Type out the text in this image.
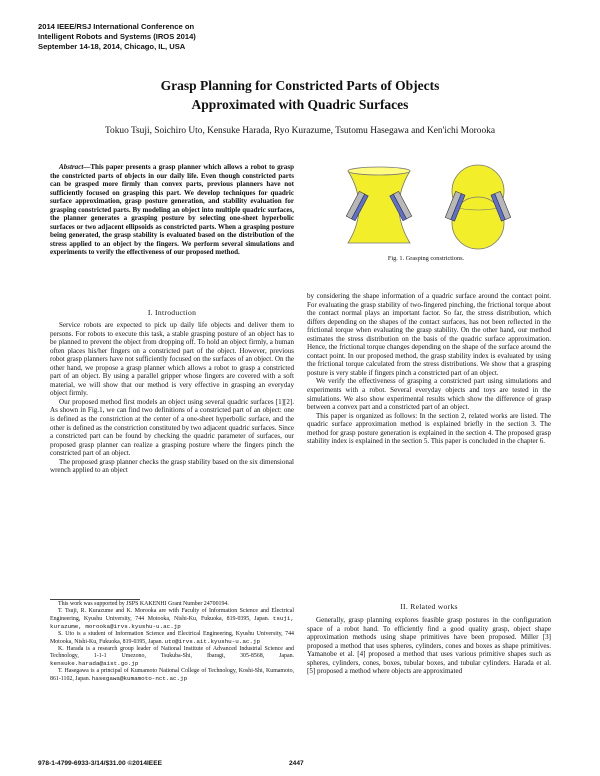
2014 IEEE/RSJ International Conference on
Intelligent Robots and Systems (IROS 2014)
September 14-18, 2014, Chicago, IL, USA
Grasp Planning for Constricted Parts of Objects
Approximated with Quadric Surfaces
Tokuo Tsuji, Soichiro Uto, Kensuke Harada, Ryo Kurazume, Tsutomu Hasegawa and Ken'ichi Morooka
Abstract—This paper presents a grasp planner which allows a robot to grasp the constricted parts of objects in our daily life. Even though constricted parts can be grasped more firmly than convex parts, previous planners have not sufficiently focused on grasping this part. We develop techniques for quadric surface approximation, grasp posture generation, and stability evaluation for grasping constricted parts. By modeling an object into multiple quadric surfaces, the planner generates a grasping posture by selecting one-sheet hyperbolic surfaces or two adjacent ellipsoids as constricted parts. When a grasping posture being generated, the grasp stability is evaluated based on the distribution of the stress applied to an object by the fingers. We perform several simulations and experiments to verify the effectiveness of our proposed method.
I. Introduction

Service robots are expected to pick up daily life objects and deliver them to persons. For robots to execute this task, a stable grasping posture of an object has to be planned to prevent the object from dropping off. To hold an object firmly, a human often places his/her fingers on a constricted part of the object. However, previous robot grasp planners have not sufficiently focused on the surfaces of an object. On the other hand, we propose a grasp planner which allows a robot to grasp a constricted part of an object. By using a parallel gripper whose fingers are covered with a soft material, we will show that our method is very effective in grasping an everyday object firmly.

Our proposed method first models an object using several quadric surfaces [1][2]. As shown in Fig.1, we can find two definitions of a constricted part of an object: one is defined as the constriction at the center of a one-sheet hyperbolic surface, and the other is defined as the constriction constituted by two adjacent quadric surfaces. Since a constricted part can be found by checking the quadric parameter of surfaces, our proposed grasp planner can realize a grasping posture where the fingers pinch the constricted part of an object.

The proposed grasp planner checks the grasp stability based on the six dimensional wrench applied to an object

This work was supported by JSPS KAKENHI Grant Number 24700194.

T. Tsuji, R. Kurazume and K. Morooka are with Faculty of Information Science and Electrical Engineering, Kyushu University, 744 Motooka, Nishi-Ku, Fukuoka, 819-0395, Japan. tsuji, kurazume, morooka@irvs.kyushu-u.ac.jp

S. Uto is a student of Information Science and Electrical Engineering, Kyushu University, 744 Motooka, Nishi-Ku, Fukuoka, 819-0395, Japan. uto@irvs.ait.kyushu-u.ac.jp

K. Harada is a research group leader of National Institute of Advanced Industrial Science and Technology, 1-1-1 Umezono, Tsukuba-Shi, Ibaragi, 305-8568, Japan. kensuke.harada@aist.go.jp

T. Hasegawa is a principal of Kumamoto National College of Technology, Koshi-Shi, Kumamoto, 861-1102, Japan. hasegawa@kumamoto-nct.ac.jp

Fig. 1. Grasping constrictions.

by considering the shape information of a quadric surface around the contact point. For evaluating the grasp stability of two-fingered pinching, the frictional torque about the contact normal plays an important factor. So far, the stress distribution, which differs depending on the shapes of the contact surfaces, has not been reflected in the frictional torque when evaluating the grasp stability. On the other hand, our method estimates the stress distribution on the basis of the quadric surface approximation. Hence, the frictional torque changes depending on the shape of the surface around the contact point. In our proposed method, the grasp stability index is evaluated by using the frictional torque calculated from the stress distributions. We show that a grasping posture is very stable if fingers pinch a constricted part of an object.

We verify the effectiveness of grasping a constricted part using simulations and experiments with a robot. Several everyday objects and toys are tested in the simulations. We also show experimental results which show the difference of grasp between a convex part and a constricted part of an object.

This paper is organized as follows: In the section 2, related works are listed. The quadric surface approximation method is explained briefly in the section 3. The method for grasp posture generation is explained in the section 4. The proposed grasp stability index is explained in the section 5. This paper is concluded in the chapter 6.

II. Related works

Generally, grasp planning explores feasible grasp postures in the configuration space of a robot hand. To efficiently find a good quality grasp, object shape approximation methods using shape primitives have been proposed. Miller [3] proposed a method that uses spheres, cylinders, cones and boxes as shape primitives. Yamanobe et al. [4] proposed a method that uses various primitive shapes such as spheres, cylinders, cones, boxes, tubular boxes, and tubular cylinders. Harada et al. [5] proposed a method where objects are approximated

978-1-4799-6933-3/14/$31.00 ©2014IEEE	2447
